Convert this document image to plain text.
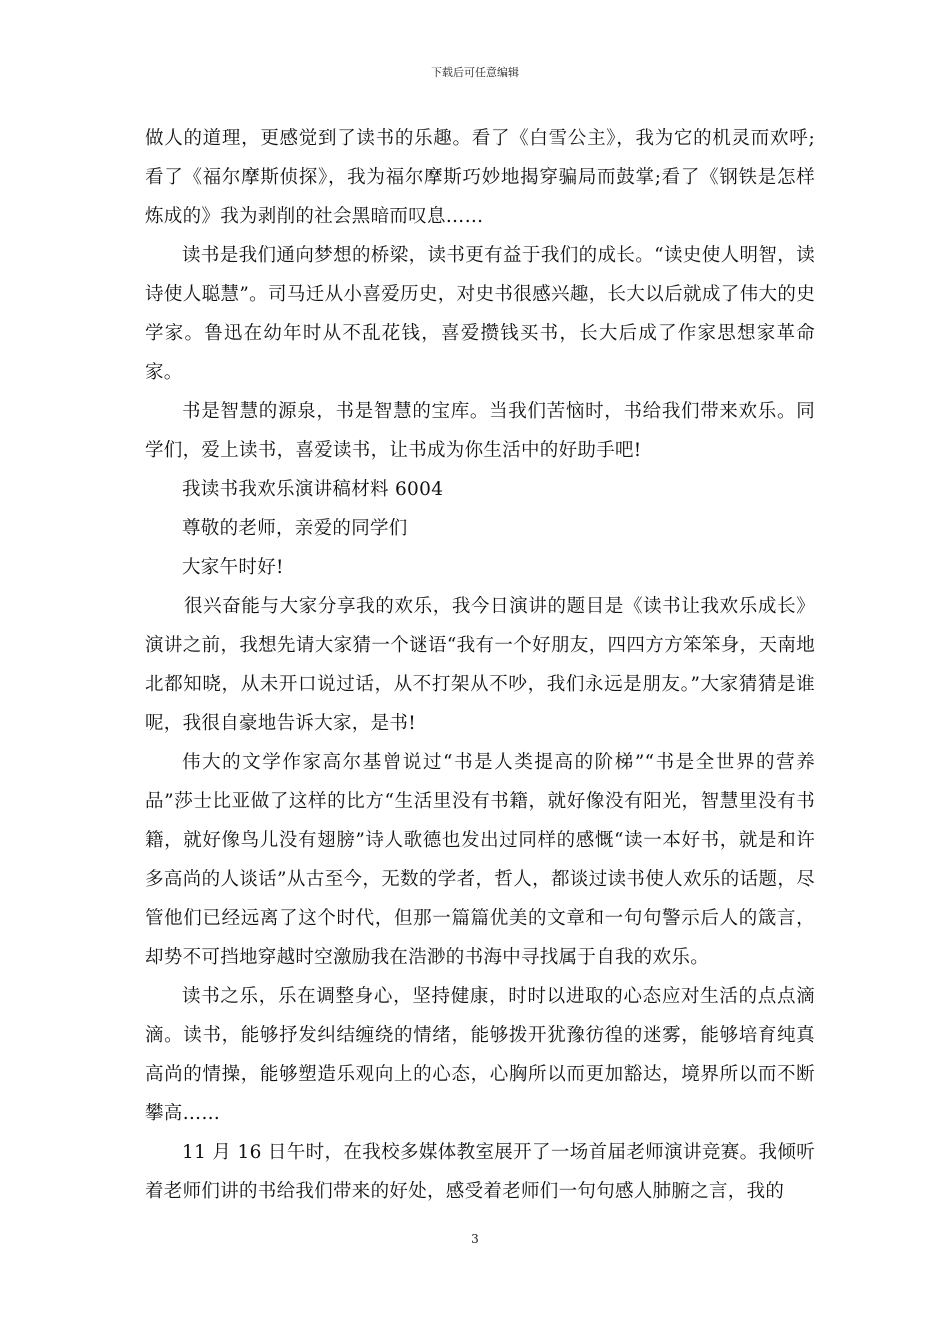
下载后可任意编辑

做人的道理，更感觉到了读书的乐趣。看了《白雪公主》，我为它的机灵而欢呼;看了《福尔摩斯侦探》，我为福尔摩斯巧妙地揭穿骗局而鼓掌;看了《钢铁是怎样炼成的》我为剥削的社会黑暗而叹息……

读书是我们通向梦想的桥梁，读书更有益于我们的成长。“读史使人明智，读诗使人聪慧”。司马迁从小喜爱历史，对史书很感兴趣，长大以后就成了伟大的史学家。鲁迅在幼年时从不乱花钱，喜爱攒钱买书，长大后成了作家思想家革命家。

书是智慧的源泉，书是智慧的宝库。当我们苦恼时，书给我们带来欢乐。同学们，爱上读书，喜爱读书，让书成为你生活中的好助手吧!

我读书我欢乐演讲稿材料 6004

尊敬的老师，亲爱的同学们

大家午时好!

很兴奋能与大家分享我的欢乐，我今日演讲的题目是《读书让我欢乐成长》演讲之前，我想先请大家猜一个谜语“我有一个好朋友，四四方方笨笨身，天南地北都知晓，从未开口说过话，从不打架从不吵，我们永远是朋友。”大家猜猜是谁呢，我很自豪地告诉大家，是书!

伟大的文学作家高尔基曾说过“书是人类提高的阶梯”“书是全世界的营养品”莎士比亚做了这样的比方“生活里没有书籍，就好像没有阳光，智慧里没有书籍，就好像鸟儿没有翅膀”诗人歌德也发出过同样的感慨“读一本好书，就是和许多高尚的人谈话”从古至今，无数的学者，哲人，都谈过读书使人欢乐的话题，尽管他们已经远离了这个时代，但那一篇篇优美的文章和一句句警示后人的箴言，却势不可挡地穿越时空激励我在浩渺的书海中寻找属于自我的欢乐。

读书之乐，乐在调整身心，坚持健康，时时以进取的心态应对生活的点点滴滴。读书，能够抒发纠结缠绕的情绪，能够拨开犹豫彷徨的迷雾，能够培育纯真高尚的情操，能够塑造乐观向上的心态，心胸所以而更加豁达，境界所以而不断攀高……

11 月 16 日午时，在我校多媒体教室展开了一场首届老师演讲竞赛。我倾听着老师们讲的书给我们带来的好处，感受着老师们一句句感人肺腑之言，我的

3
